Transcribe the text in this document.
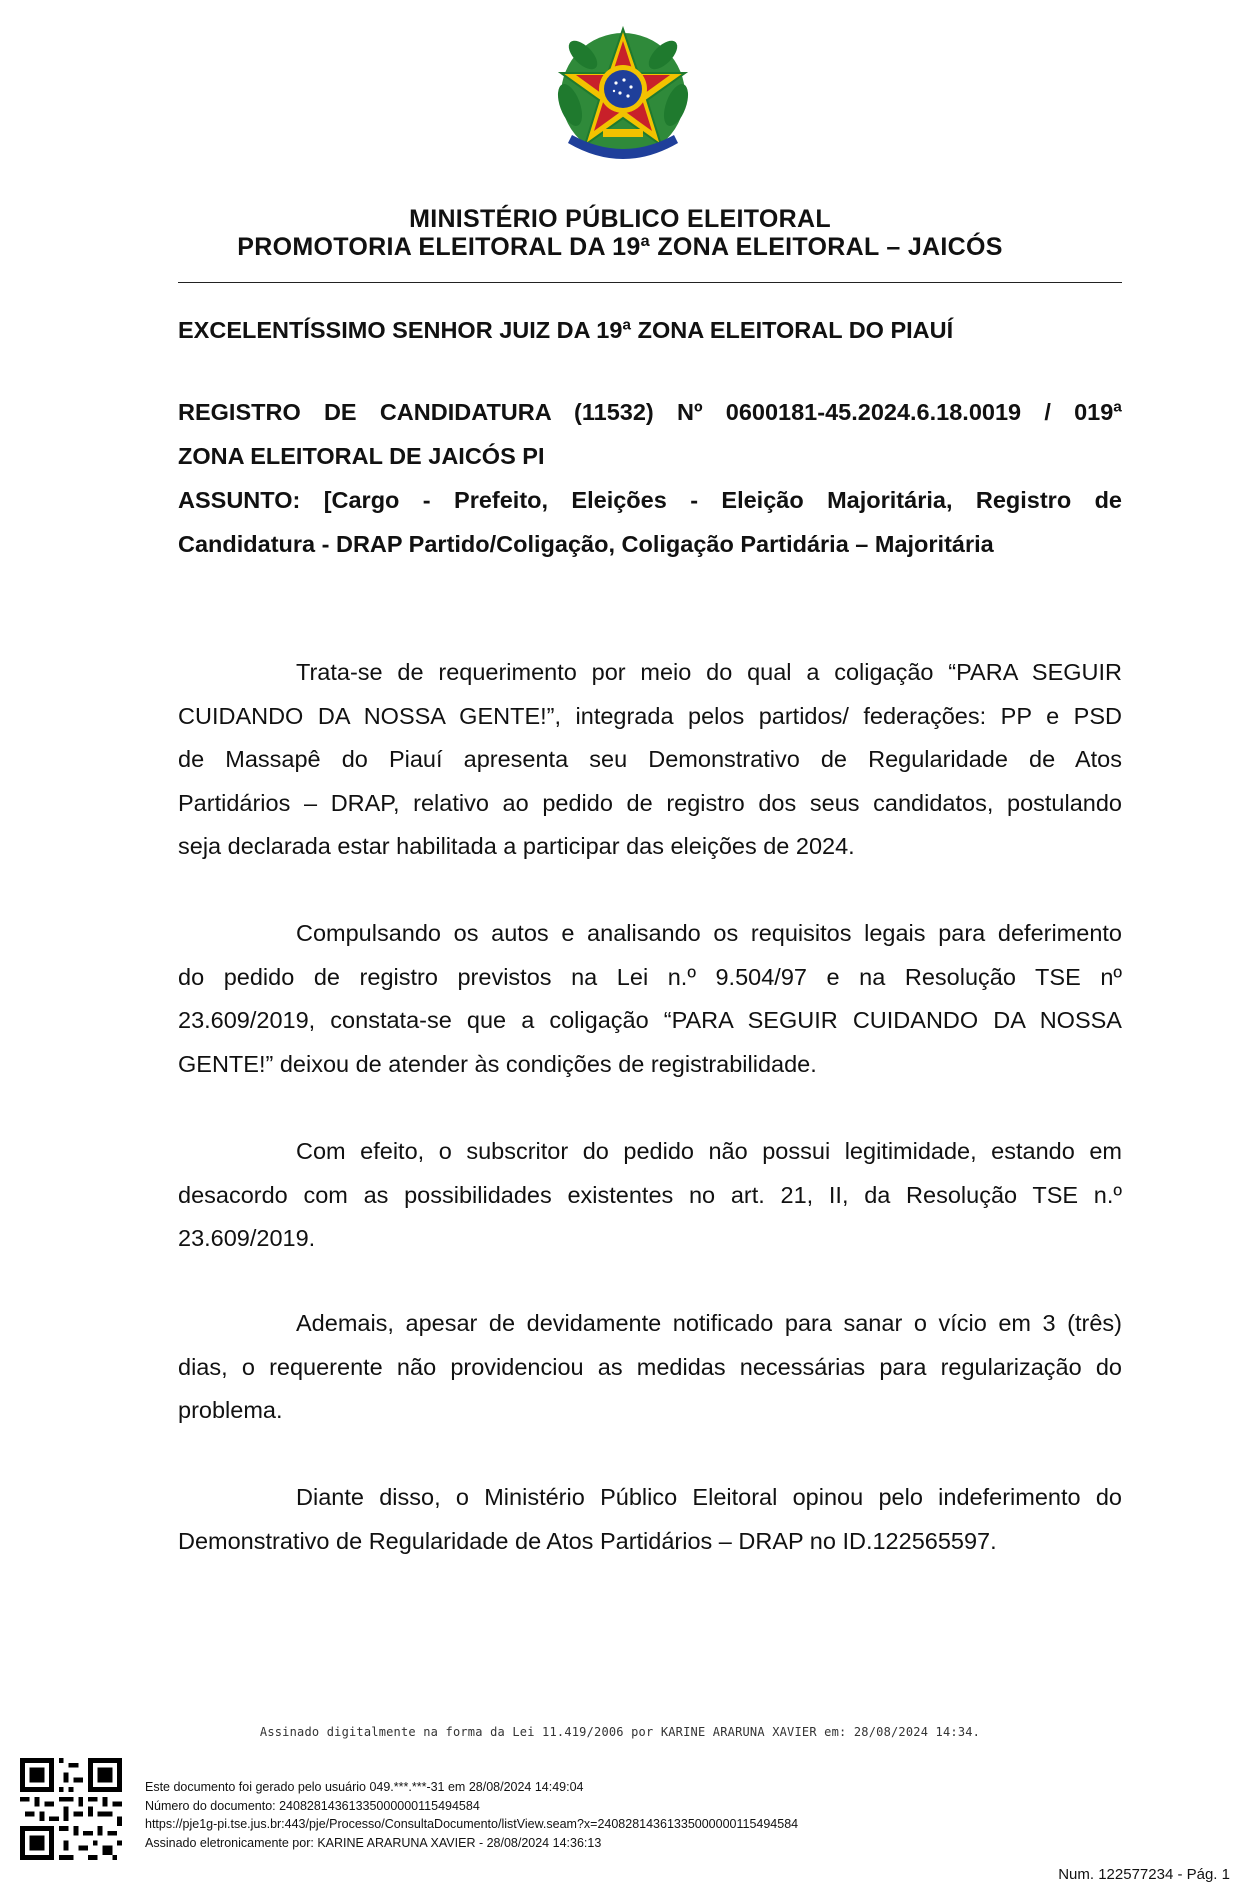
MINISTÉRIO PÚBLICO ELEITORAL
PROMOTORIA ELEITORAL DA 19ª ZONA ELEITORAL – JAICÓS
EXCELENTÍSSIMO SENHOR JUIZ DA 19ª ZONA ELEITORAL DO PIAUÍ
REGISTRO DE CANDIDATURA (11532) Nº 0600181-45.2024.6.18.0019 / 019ª
ZONA ELEITORAL DE JAICÓS PI
ASSUNTO: [Cargo - Prefeito, Eleições - Eleição Majoritária, Registro de
Candidatura - DRAP Partido/Coligação, Coligação Partidária – Majoritária
Trata-se de requerimento por meio do qual a coligação “PARA SEGUIR
CUIDANDO DA NOSSA GENTE!”, integrada pelos partidos/ federações: PP e PSD
de Massapê do Piauí apresenta seu Demonstrativo de Regularidade de Atos
Partidários – DRAP, relativo ao pedido de registro dos seus candidatos, postulando
seja declarada estar habilitada a participar das eleições de 2024.
Compulsando os autos e analisando os requisitos legais para deferimento
do pedido de registro previstos na Lei n.º 9.504/97 e na Resolução TSE nº
23.609/2019, constata-se que a coligação “PARA SEGUIR CUIDANDO DA NOSSA
GENTE!” deixou de atender às condições de registrabilidade.
Com efeito, o subscritor do pedido não possui legitimidade, estando em
desacordo com as possibilidades existentes no art. 21, II, da Resolução TSE n.º
23.609/2019.
Ademais, apesar de devidamente notificado para sanar o vício em 3 (três)
dias, o requerente não providenciou as medidas necessárias para regularização do
problema.
Diante disso, o Ministério Público Eleitoral opinou pelo indeferimento do
Demonstrativo de Regularidade de Atos Partidários – DRAP no ID.122565597.
Assinado digitalmente na forma da Lei 11.419/2006 por KARINE ARARUNA XAVIER em: 28/08/2024 14:34.
Este documento foi gerado pelo usuário 049.***.***-31 em 28/08/2024 14:49:04
Número do documento: 24082814361335000000115494584
https://pje1g-pi.tse.jus.br:443/pje/Processo/ConsultaDocumento/listView.seam?x=24082814361335000000115494584
Assinado eletronicamente por: KARINE ARARUNA XAVIER - 28/08/2024 14:36:13
Num. 122577234 - Pág. 1
